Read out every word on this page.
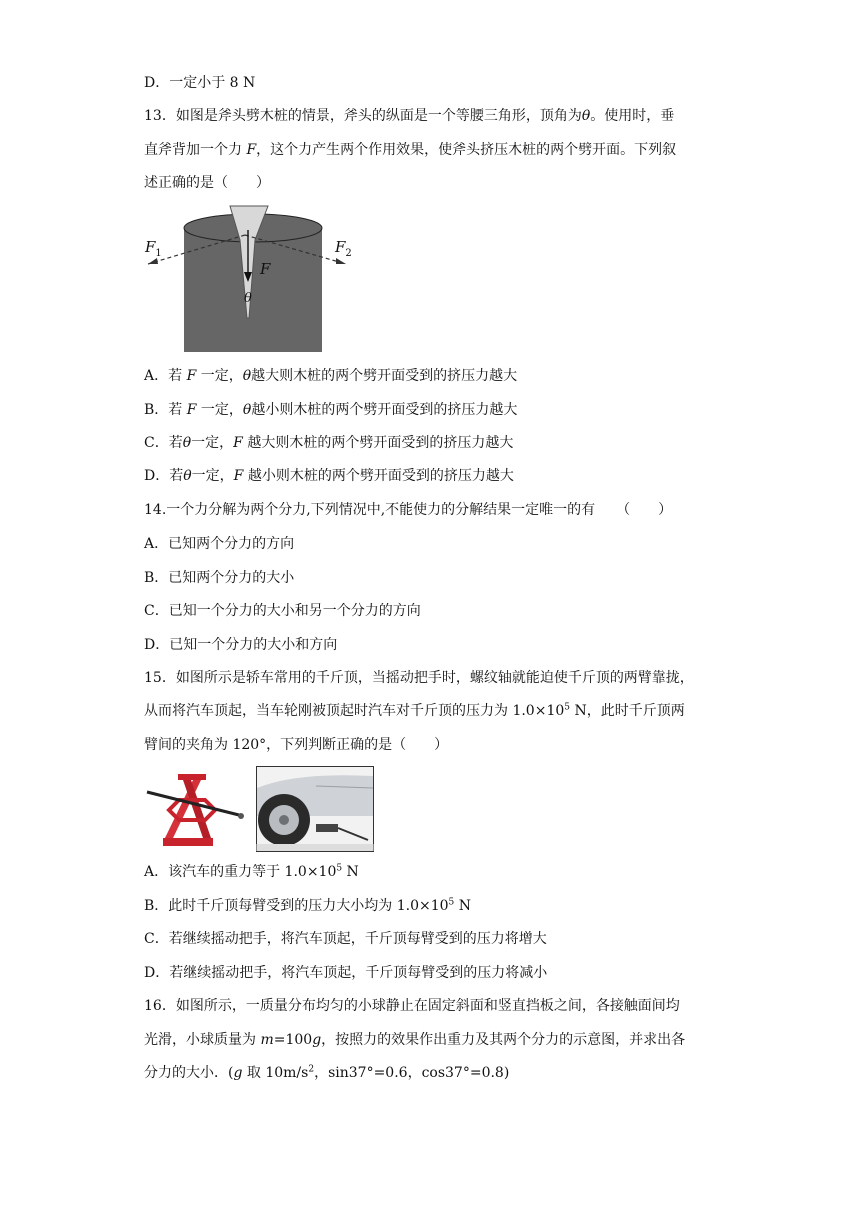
D．一定小于 8 N
13．如图是斧头劈木桩的情景，斧头的纵面是一个等腰三角形，顶角为θ。使用时，垂
直斧背加一个力 F，这个力产生两个作用效果，使斧头挤压木桩的两个劈开面。下列叙
述正确的是（　　）
$F_1$	$F_2$
F
θ
A．若 F 一定，θ越大则木桩的两个劈开面受到的挤压力越大
B．若 F 一定，θ越小则木桩的两个劈开面受到的挤压力越大
C．若θ一定，F 越大则木桩的两个劈开面受到的挤压力越大
D．若θ一定，F 越小则木桩的两个劈开面受到的挤压力越大
14.一个力分解为两个分力,下列情况中,不能使力的分解结果一定唯一的有　　（　　）
A．已知两个分力的方向
B．已知两个分力的大小
C．已知一个分力的大小和另一个分力的方向
D．已知一个分力的大小和方向
15．如图所示是轿车常用的千斤顶，当摇动把手时，螺纹轴就能迫使千斤顶的两臂靠拢，
从而将汽车顶起，当车轮刚被顶起时汽车对千斤顶的压力为 $1.0\times 10^5$ N，此时千斤顶两
臂间的夹角为 120°，下列判断正确的是（　　）
A．该汽车的重力等于 $1.0\times 10^5$ N
B．此时千斤顶每臂受到的压力大小均为 $1.0\times 10^5$ N
C．若继续摇动把手，将汽车顶起，千斤顶每臂受到的压力将增大
D．若继续摇动把手，将汽车顶起，千斤顶每臂受到的压力将减小
16．如图所示，一质量分布均匀的小球静止在固定斜面和竖直挡板之间，各接触面间均
光滑，小球质量为 m=100g，按照力的效果作出重力及其两个分力的示意图，并求出各
分力的大小．(g 取 $10m/s^2$，sin37°=0.6，cos37°=0.8)
